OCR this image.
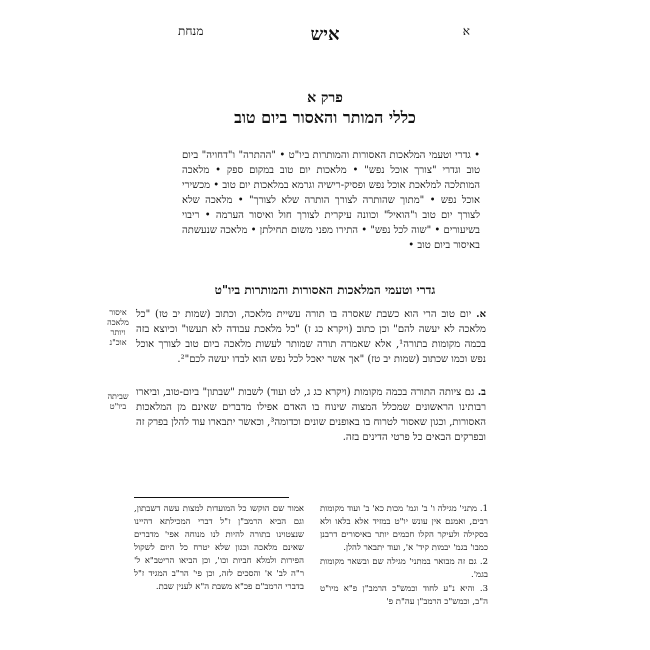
א
איש
מנחת
פרק א
כללי המותר והאסור ביום טוב
• גדרי וטעמי המלאכות האסורות והמותרות ביו"ט • "ההתרה" ו"דחויה" ביום טוב וגדרי "צורך אוכל נפש" • מלאכות יום טוב במקום ספק • מלאכה המותלכה למלאכת אוכל נפש ופסיק-רישיה וגרמא במלאכות יום טוב • מכשירי אוכל נפש • "מתוך שהותרה לצורך הותרה שלא לצורך" • מלאכה שלא לצורך יום טוב ו"הואיל" וכוונה עיקרית לצורך חול ואיסור הערמה • ריבוי בשיעורים • "שוה לכל נפש" • התירו מפני משום תחילתן • מלאכה שנעשתה באיסור ביום טוב •
גדרי וטעמי המלאכות האסורות והמותרות ביו"ט
איסור מלאכה ויותר אוכ"נ
א. יום טוב הרי הוא כשבת שאסרה בו תורה עשיית מלאכה, וכתוב (שמות יב טז) "כל מלאכה לא יעשה להם" וכן כתוב (ויקרא כג ז) "כל מלאכת עבודה לא תעשו" וכיוצא בזה בכמה מקומות בתורה¹, אלא שאמרה תורה שמותר לעשות מלאכה ביום טוב לצורך אוכל נפש וכמו שכתוב (שמות יב טז) "אך אשר יאכל לכל נפש הוא לבדו יעשה לכם"².
שביתה ביו"ט
ב. גם ציותה התורה בכמה מקומות (ויקרא כג ג, לט ועוד) לשבות "שבתון" ביום-טוב, וביארו רבותינו הראשונים שמכלל המצוה שינוח בו האדם אפילו מדברים שאינם מן המלאכות האסורות, וכגון שאסור לטרוח בו באופנים שונים וכדומה³, וכאשר יתבארו עוד להלן בפרק זה ובפרקים הבאים כל פרטי הדינים בזה.

1. מתני' מגילה ו' ב' וגמ' מכות כא' ב' ועוד מקומות רבים, ואמנם אין עונש יו"ט במזיד אלא בלאו ולא בסקילה ולעיקר הקלו חכמים יותר באיסורים דרבנן כמבו' בגמ' יבמות קיד' א', ועוד יתבאר להלן.

2. גם זה מבואר במתני' מגילה שם ובשאר מקומות בגמ'.

3. והיא נ"ע לחוד וכמש"כ הרמב"ן פ"א מיו"ט ה"ב, וכמש"כ הרמב"ן עה"ת פ'

אמור שם הוקשו כל המועדות למצות עשה דשבתון, וגם הביא הרמב"ן ז"ל דברי המכילתא דהיינו שנצטוינו בתורה להיות לנו מנוחה אפי' מדברים שאינם מלאכה וכגון שלא יטרח כל היום לשקול הפירות ולמלא חביות וכו', וכן הביאו הריטב"א ל' ר"ה לב' א' והסכים לזה, וכן פי' הר"ב המגיד ז"ל בדברי הרמב"ם פכ"א משבת ה"א לענין שבת.
